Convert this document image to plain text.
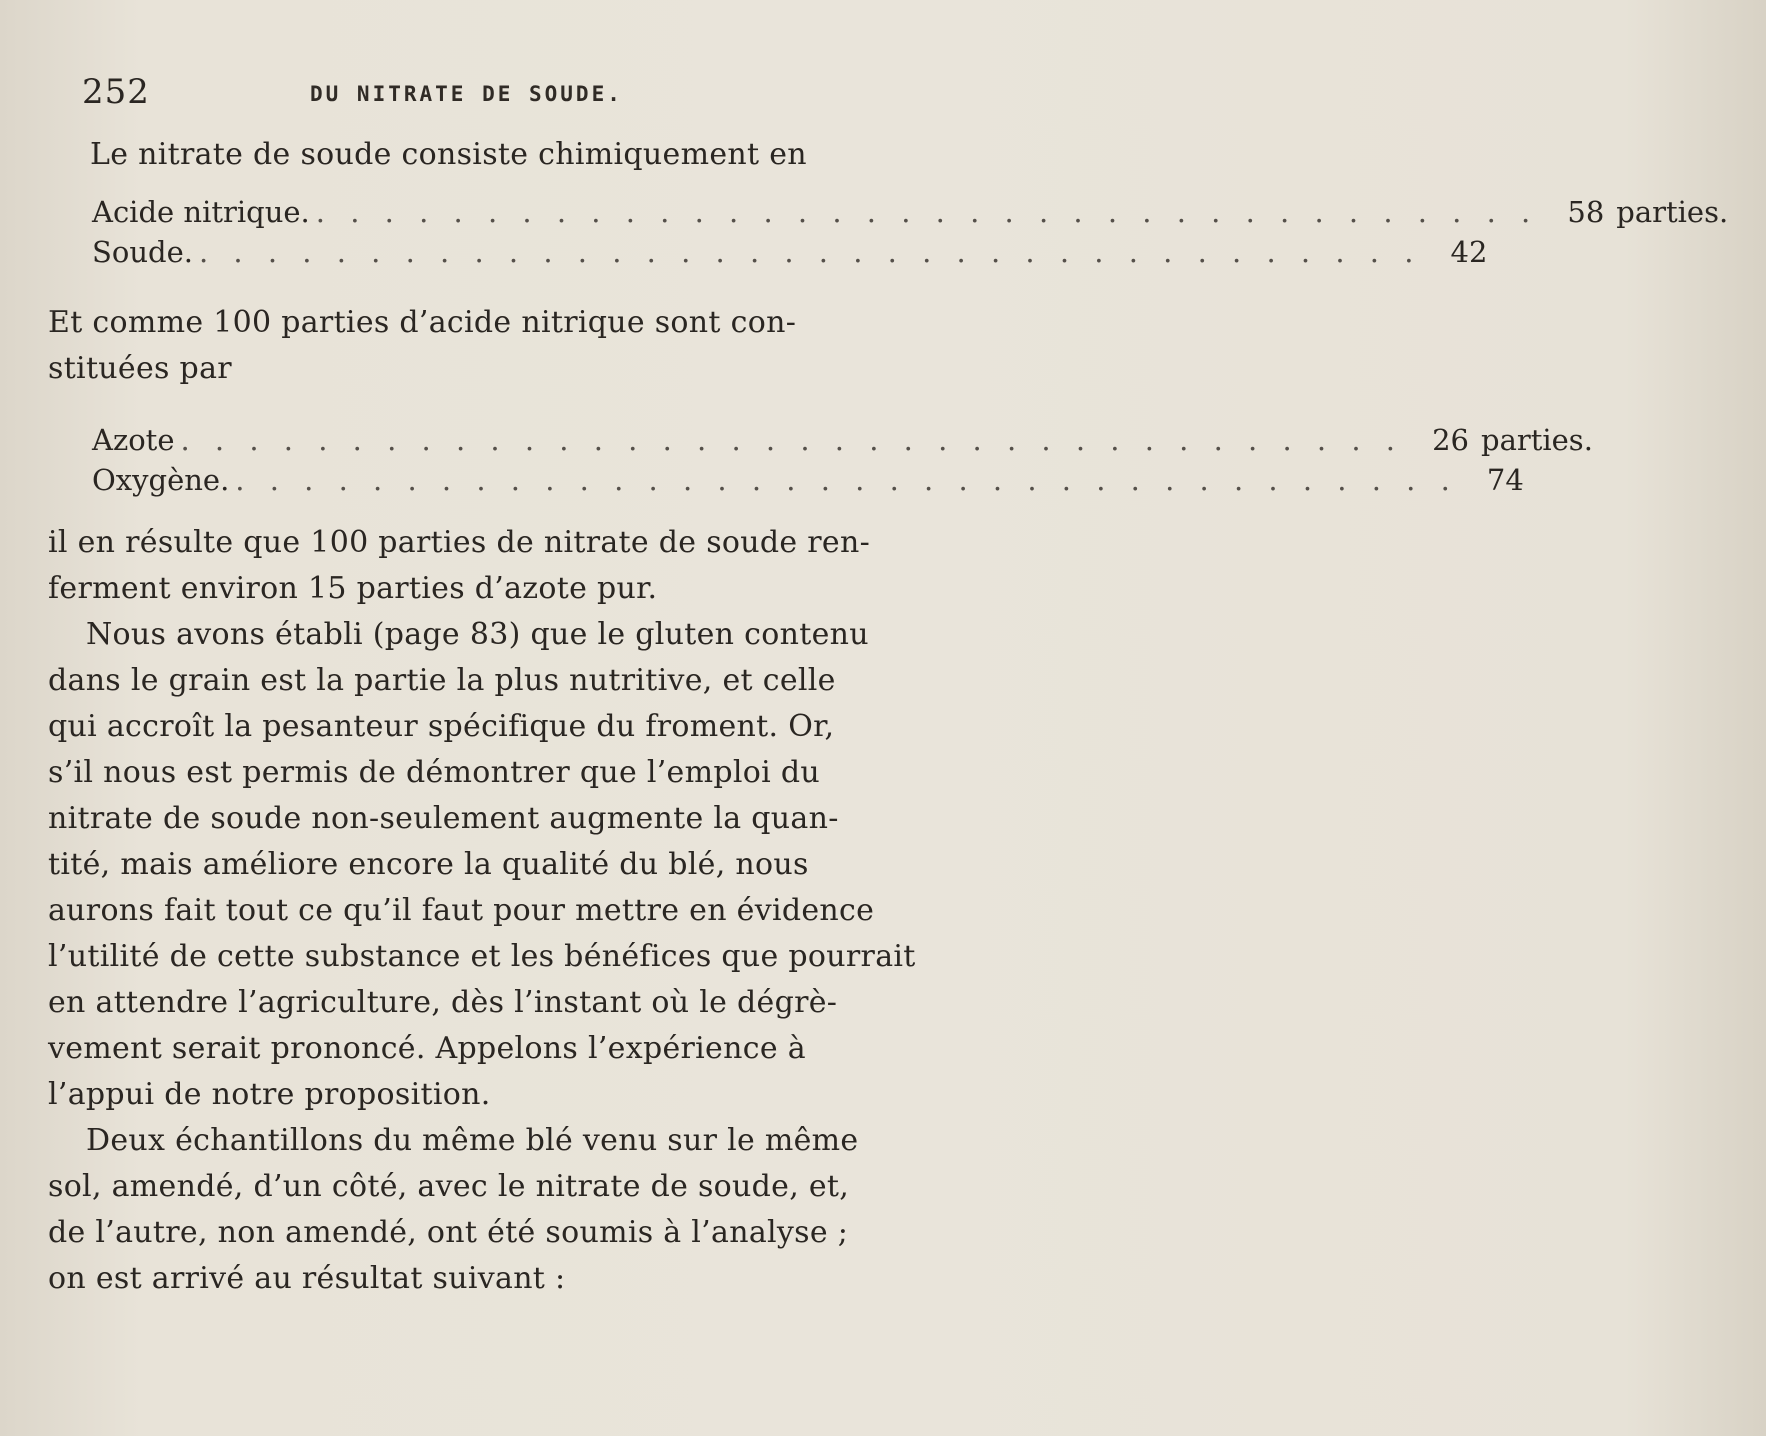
252	DU NITRATE DE SOUDE.
Le nitrate de soude consiste chimiquement en
Acide nitrique. . . .	58 parties.
Soude. . . .	42
Et comme 100 parties d’acide nitrique sont con-
stituées par
Azote . . .	26 parties.
Oxygène. . . .	74
il en résulte que 100 parties de nitrate de soude ren-
ferment environ 15 parties d’azote pur.
Nous avons établi (page 83) que le gluten contenu
dans le grain est la partie la plus nutritive, et celle
qui accroît la pesanteur spécifique du froment. Or,
s’il nous est permis de démontrer que l’emploi du
nitrate de soude non-seulement augmente la quan-
tité, mais améliore encore la qualité du blé, nous
aurons fait tout ce qu’il faut pour mettre en évidence
l’utilité de cette substance et les bénéfices que pourrait
en attendre l’agriculture, dès l’instant où le dégrè-
vement serait prononcé. Appelons l’expérience à
l’appui de notre proposition.
Deux échantillons du même blé venu sur le même
sol, amendé, d’un côté, avec le nitrate de soude, et,
de l’autre, non amendé, ont été soumis à l’analyse ;
on est arrivé au résultat suivant :
